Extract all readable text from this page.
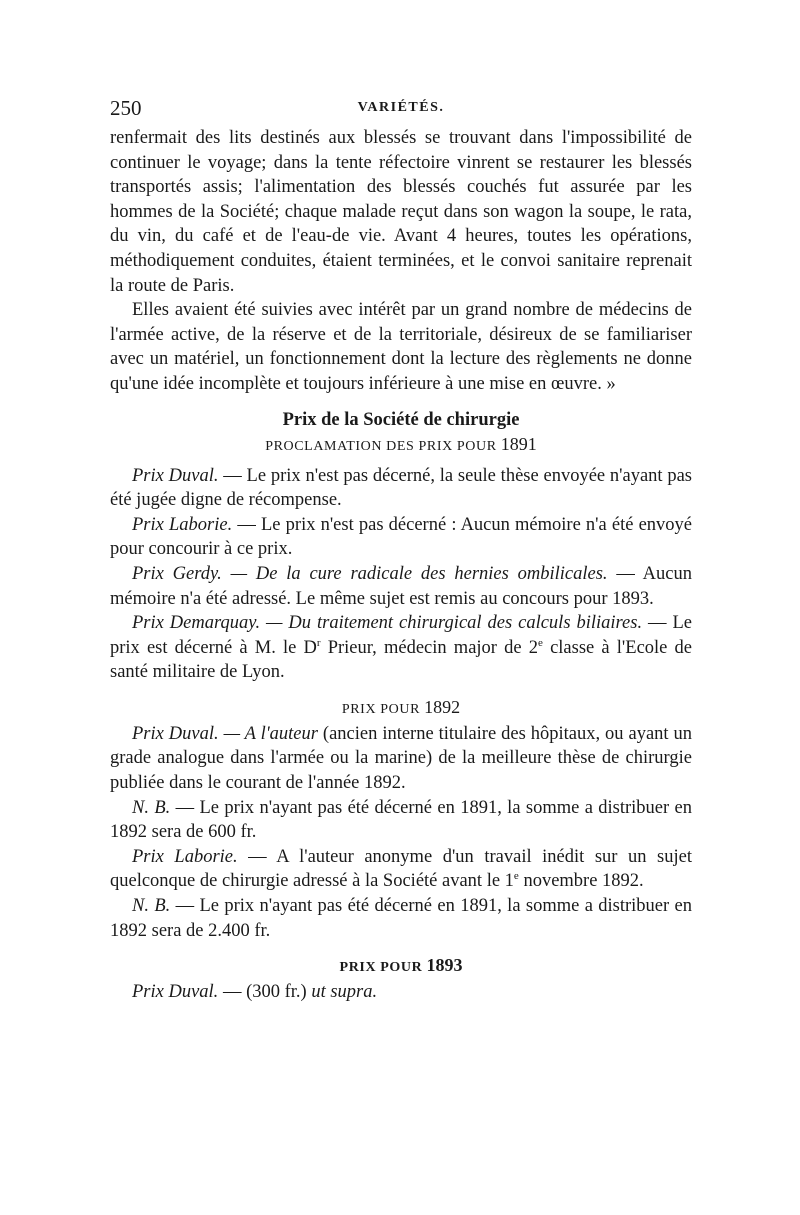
250	VARIÉTÉS.

renfermait des lits destinés aux blessés se trouvant dans l'impossibilité de continuer le voyage; dans la tente réfectoire vinrent se restaurer les blessés transportés assis; l'alimentation des blessés couchés fut assurée par les hommes de la Société; chaque malade reçut dans son wagon la soupe, le rata, du vin, du café et de l'eau-de vie. Avant 4 heures, toutes les opérations, méthodiquement conduites, étaient terminées, et le convoi sanitaire reprenait la route de Paris.

Elles avaient été suivies avec intérêt par un grand nombre de médecins de l'armée active, de la réserve et de la territoriale, désireux de se familiariser avec un matériel, un fonctionnement dont la lecture des règlements ne donne qu'une idée incomplète et toujours inférieure à une mise en œuvre. »

Prix de la Société de chirurgie
PROCLAMATION DES PRIX POUR 1891

Prix Duval. — Le prix n'est pas décerné, la seule thèse envoyée n'ayant pas été jugée digne de récompense.

Prix Laborie. — Le prix n'est pas décerné : Aucun mémoire n'a été envoyé pour concourir à ce prix.

Prix Gerdy. — De la cure radicale des hernies ombilicales. — Aucun mémoire n'a été adressé. Le même sujet est remis au concours pour 1893.

Prix Demarquay. — Du traitement chirurgical des calculs biliaires. — Le prix est décerné à M. le $D^r$ Prieur, médecin major de 2e classe à l'Ecole de santé militaire de Lyon.

PRIX POUR 1892

Prix Duval. — A l'auteur (ancien interne titulaire des hôpitaux, ou ayant un grade analogue dans l'armée ou la marine) de la meilleure thèse de chirurgie publiée dans le courant de l'année 1892.

N. B. — Le prix n'ayant pas été décerné en 1891, la somme a distribuer en 1892 sera de 600 fr.

Prix Laborie. — A l'auteur anonyme d'un travail inédit sur un sujet quelconque de chirurgie adressé à la Société avant le 1e novembre 1892.

N. B. — Le prix n'ayant pas été décerné en 1891, la somme a distribuer en 1892 sera de 2.400 fr.

PRIX POUR 1893

Prix Duval. — (300 fr.) ut supra.
